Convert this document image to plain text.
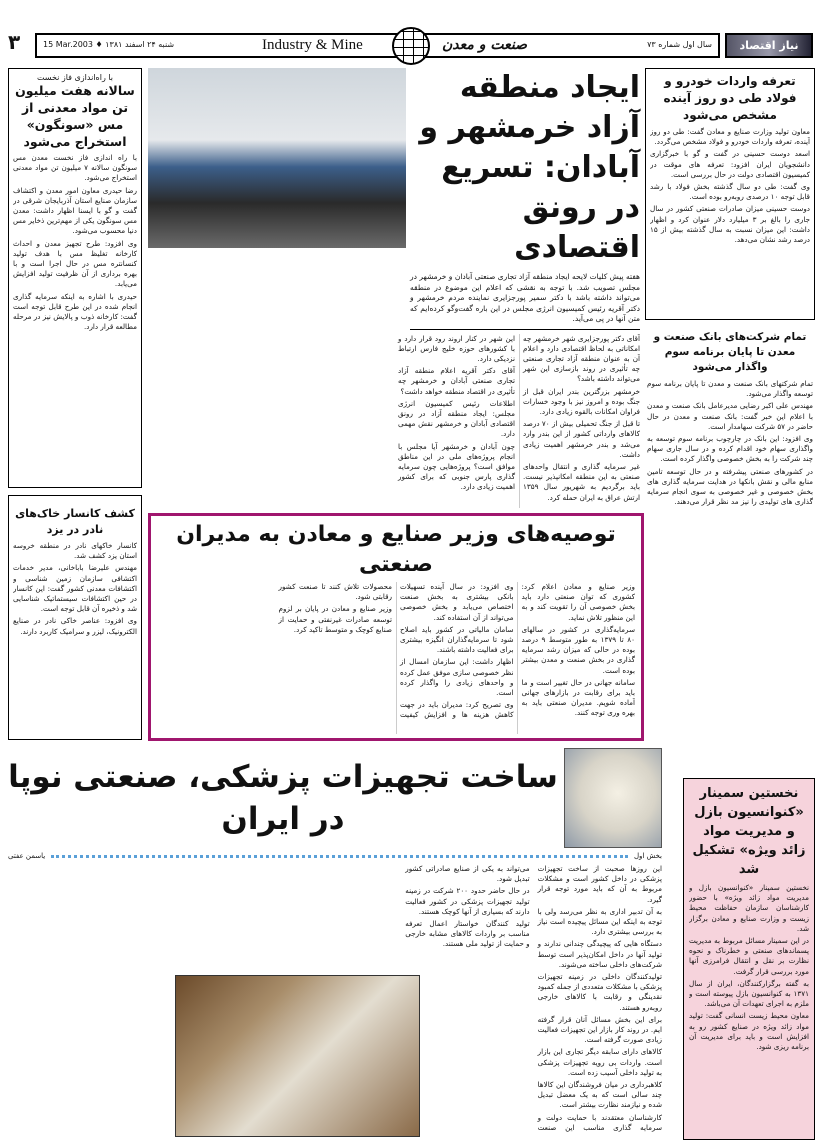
۳	15 Mar.2003 ♦ شنبه ۲۴ اسفند ۱۳۸۱	Industry & Mine	صنعت و معدن	سال اول شماره ۷۳	نیاز اقتصاد
با راه‌اندازی فاز نخست
سالانه هفت میلیون تن مواد معدنی از مس «سونگون» استخراج می‌شود

با راه اندازی فاز نخست معدن مس سونگون سالانه ۷ میلیون تن مواد معدنی استخراج می‌شود.

رضا حیدری معاون امور معدن و اکتشاف سازمان صنایع استان آذربایجان شرقی در گفت و گو با ایسنا اظهار داشت: معدن مس سونگون یکی از مهم‌ترین ذخایر مس دنیا محسوب می‌شود.

وی افزود: طرح تجهیز معدن و احداث کارخانه تغلیظ مس با هدف تولید کنسانتره مس در حال اجرا است و با بهره برداری از آن ظرفیت تولید افزایش می‌یابد.

حیدری با اشاره به اینکه سرمایه گذاری انجام شده در این طرح قابل توجه است گفت: کارخانه ذوب و پالایش نیز در مرحله مطالعه قرار دارد.

کشف کانسار خاک‌های نادر در یزد

کانسار خاکهای نادر در منطقه خروسه استان یزد کشف شد.

مهندس علیرضا باباخانی، مدیر خدمات اکتشافی سازمان زمین شناسی و اکتشافات معدنی کشور گفت: این کانسار در حین اکتشافات سیستماتیک شناسایی شد و ذخیره آن قابل توجه است.

وی افزود: عناصر خاکی نادر در صنایع الکترونیک، لیزر و سرامیک کاربرد دارند.

ایجاد منطقه آزاد خرمشهر و آبادان: تسریع در رونق اقتصادی
هفته پیش کلیات لایحه ایجاد منطقه آزاد تجاری صنعتی آبادان و خرمشهر در مجلس تصویب شد. با توجه به نقشی که اعلام این موضوع در منطقه می‌تواند داشته باشد با دکتر سمیر پورجزایری نماینده مردم خرمشهر و دکتر آقریه رئیس کمیسیون انرژی مجلس در این باره گفت‌وگو کرده‌ایم که متن آنها در پی می‌آید.

آقای دکتر پورجزایری شهر خرمشهر چه امکاناتی به لحاظ اقتصادی دارد و اعلام آن به عنوان منطقه آزاد تجاری صنعتی چه تأثیری در روند بازسازی این شهر می‌تواند داشته باشد؟

خرمشهر بزرگترین بندر ایران قبل از جنگ بوده و امروز نیز با وجود خسارات فراوان امکانات بالقوه زیادی دارد.

تا قبل از جنگ تحمیلی بیش از ۷۰ درصد کالاهای وارداتی کشور از این بندر وارد می‌شد و بندر خرمشهر اهمیت زیادی داشت.

غیر سرمایه گذاری و انتقال واحدهای صنعتی به این منطقه امکانپذیر نیست. باید برگردیم به شهریور سال ۱۳۵۹ ارتش عراق به ایران حمله کرد.

این شهر در کنار اروند رود قرار دارد و با کشورهای حوزه خلیج فارس ارتباط نزدیکی دارد.

آقای دکتر آقریه اعلام منطقه آزاد تجاری صنعتی آبادان و خرمشهر چه تأثیری در اقتصاد منطقه خواهد داشت؟

اطلاعات رئیس کمیسیون انرژی مجلس: ایجاد منطقه آزاد در رونق اقتصادی آبادان و خرمشهر نقش مهمی دارد.

چون آبادان و خرمشهر آیا مجلس با انجام پروژه‌های ملی در این مناطق موافق است؟ پروژه‌هایی چون سرمایه گذاری پارس جنوبی که برای کشور اهمیت زیادی دارد.

تعرفه واردات خودرو و فولاد طی دو روز آینده مشخص می‌شود

معاون تولید وزارت صنایع و معادن گفت: طی دو روز آینده، تعرفه واردات خودرو و فولاد مشخص می‌گردد.

اسعد دوست حسینی در گفت و گو با خبرگزاری دانشجویان ایران افزود: تعرفه های موقت در کمیسیون اقتصادی دولت در حال بررسی است.

وی گفت: طی دو سال گذشته بخش فولاد با رشد قابل توجه ۱۰ درصدی روبه‌رو بوده است.

دوست حسینی میزان صادرات صنعتی کشور در سال جاری را بالغ بر ۳ میلیارد دلار عنوان کرد و اظهار داشت: این میزان نسبت به سال گذشته بیش از ۱۵ درصد رشد نشان می‌دهد.

تمام شرکت‌های بانک صنعت و معدن تا پایان برنامه سوم واگذار می‌شود

تمام شرکتهای بانک صنعت و معدن تا پایان برنامه سوم توسعه واگذار می‌شود.

مهندس علی اکبر رضایی مدیرعامل بانک صنعت و معدن با اعلام این خبر گفت: بانک صنعت و معدن در حال حاضر در ۵۷ شرکت سهامدار است.

وی افزود: این بانک در چارچوب برنامه سوم توسعه به واگذاری سهام خود اقدام کرده و در سال جاری سهام چند شرکت را به بخش خصوصی واگذار کرده است.

در کشورهای صنعتی پیشرفته و در حال توسعه تامین منابع مالی و نقش بانکها در هدایت سرمایه گذاری های بخش خصوصی و غیر خصوصی به سوی انجام سرمایه گذاری های تولیدی را نیز مد نظر قرار می‌دهند.

نخستین سمینار «کنوانسیون بازل و مدیریت مواد زائد ویژه» تشکیل شد

نخستین سمینار «کنوانسیون بازل و مدیریت مواد زائد ویژه» با حضور کارشناسان سازمان حفاظت محیط زیست و وزارت صنایع و معادن برگزار شد.

در این سمینار مسائل مربوط به مدیریت پسماندهای صنعتی و خطرناک و نحوه نظارت بر نقل و انتقال فرامرزی آنها مورد بررسی قرار گرفت.

به گفته برگزارکنندگان، ایران از سال ۱۳۷۱ به کنوانسیون بازل پیوسته است و ملزم به اجرای تعهدات آن می‌باشد.

معاون محیط زیست انسانی گفت: تولید مواد زائد ویژه در صنایع کشور رو به افزایش است و باید برای مدیریت آن برنامه ریزی شود.

توصیه‌های وزیر صنایع و معادن به مدیران صنعتی

وزیر صنایع و معادن اعلام کرد: کشوری که توان صنعتی دارد باید بخش خصوصی آن را تقویت کند و به این منظور تلاش نماید.

سرمایه‌گذاری در کشور در سالهای ۸۰ تا ۱۳۷۹ به طور متوسط ۹ درصد بوده در حالی که میزان رشد سرمایه گذاری در بخش صنعت و معدن بیشتر بوده است.

سامانه جهانی در حال تغییر است و ما باید برای رقابت در بازارهای جهانی آماده شویم. مدیران صنعتی باید به بهره وری توجه کنند.

وی افزود: در سال آینده تسهیلات بانکی بیشتری به بخش صنعت اختصاص می‌یابد و بخش خصوصی می‌تواند از آن استفاده کند.

سامان مالیاتی در کشور باید اصلاح شود تا سرمایه‌گذاران انگیزه بیشتری برای فعالیت داشته باشند.

اظهار داشت: این سازمان امسال از نظر خصوصی سازی موفق عمل کرده و واحدهای زیادی را واگذار کرده است.

وی تصریح کرد: مدیران باید در جهت کاهش هزینه ها و افزایش کیفیت محصولات تلاش کنند تا صنعت کشور رقابتی شود.

وزیر صنایع و معادن در پایان بر لزوم توسعه صادرات غیرنفتی و حمایت از صنایع کوچک و متوسط تاکید کرد.

ساخت تجهیزات پزشکی، صنعتی نوپا در ایران
بخش اول
یاسمن عفتی

این روزها صحبت از ساخت تجهیزات پزشکی در داخل کشور است و مشکلات مربوط به آن که باید مورد توجه قرار گیرد.

به آن تدبیر اداری به نظر می‌رسد ولی با توجه به اینکه این مسائل پیچیده است نیاز به بررسی بیشتری دارد.

دستگاه هایی که پیچیدگی چندانی ندارند و تولید آنها در داخل امکان‌پذیر است توسط شرکت‌های داخلی ساخته می‌شوند.

تولیدکنندگان داخلی در زمینه تجهیزات پزشکی با مشکلات متعددی از جمله کمبود نقدینگی و رقابت با کالاهای خارجی روبه‌رو هستند.

برای این بخش مسائل آنان قرار گرفته ایم. در روند کار بازار این تجهیزات فعالیت زیادی صورت گرفته است.

کالاهای دارای سابقه دیگر تجاری این بازار است. واردات بی رویه تجهیزات پزشکی به تولید داخلی آسیب زده است.

کلاهبرداری در میان فروشندگان این کالاها چند سالی است که به یک معضل تبدیل شده و نیازمند نظارت بیشتر است.

کارشناسان معتقدند با حمایت دولت و سرمایه گذاری مناسب این صنعت می‌تواند به یکی از صنایع صادراتی کشور تبدیل شود.

در حال حاضر حدود ۲۰۰ شرکت در زمینه تولید تجهیزات پزشکی در کشور فعالیت دارند که بسیاری از آنها کوچک هستند.

تولید کنندگان خواستار اعمال تعرفه مناسب بر واردات کالاهای مشابه خارجی و حمایت از تولید ملی هستند.
